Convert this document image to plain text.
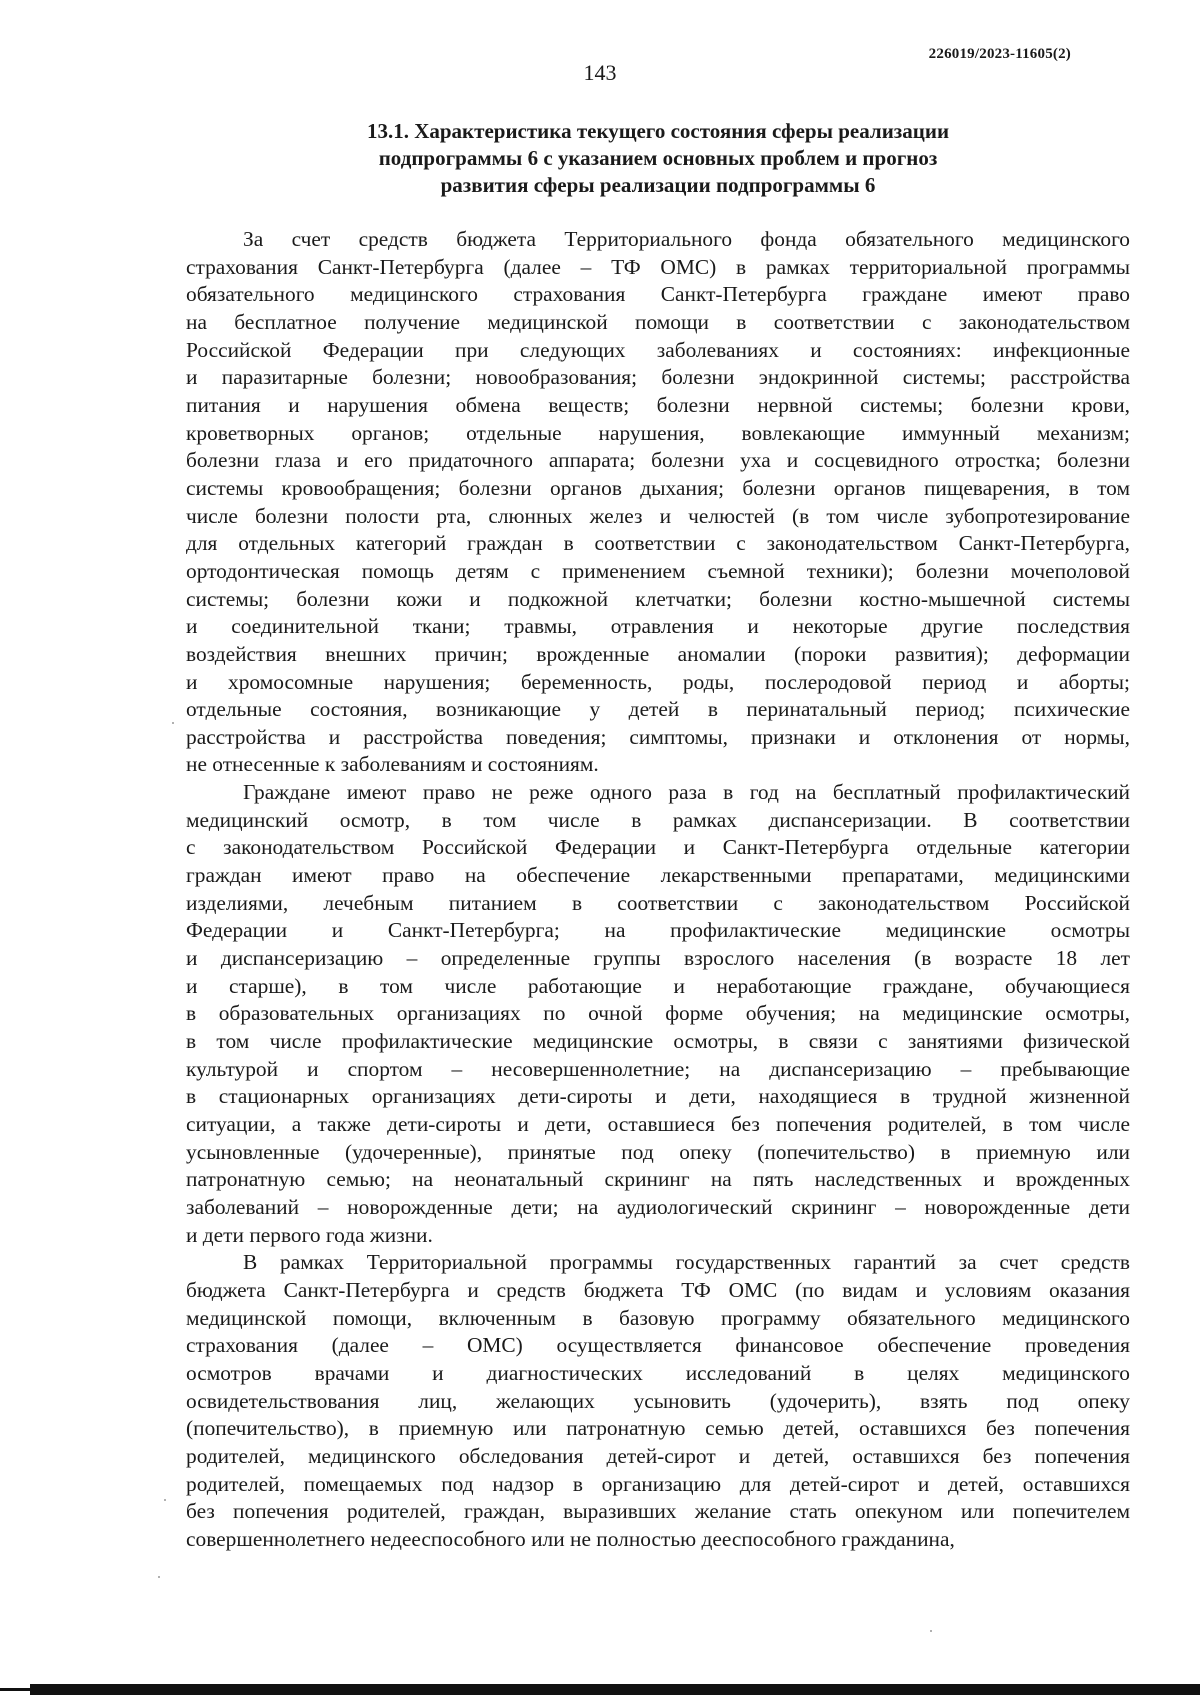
226019/2023-11605(2)
143
13.1. Характеристика текущего состояния сферы реализации
подпрограммы 6 с указанием основных проблем и прогноз
развития сферы реализации подпрограммы 6
За счет средств бюджета Территориального фонда обязательного медицинского
страхования Санкт-Петербурга (далее – ТФ ОМС) в рамках территориальной программы
обязательного медицинского страхования Санкт-Петербурга граждане имеют право
на бесплатное получение медицинской помощи в соответствии с законодательством
Российской Федерации при следующих заболеваниях и состояниях: инфекционные
и паразитарные болезни; новообразования; болезни эндокринной системы; расстройства
питания и нарушения обмена веществ; болезни нервной системы; болезни крови,
кроветворных органов; отдельные нарушения, вовлекающие иммунный механизм;
болезни глаза и его придаточного аппарата; болезни уха и сосцевидного отростка; болезни
системы кровообращения; болезни органов дыхания; болезни органов пищеварения, в том
числе болезни полости рта, слюнных желез и челюстей (в том числе зубопротезирование
для отдельных категорий граждан в соответствии с законодательством Санкт-Петербурга,
ортодонтическая помощь детям с применением съемной техники); болезни мочеполовой
системы; болезни кожи и подкожной клетчатки; болезни костно-мышечной системы
и соединительной ткани; травмы, отравления и некоторые другие последствия
воздействия внешних причин; врожденные аномалии (пороки развития); деформации
и хромосомные нарушения; беременность, роды, послеродовой период и аборты;
отдельные состояния, возникающие у детей в перинатальный период; психические
расстройства и расстройства поведения; симптомы, признаки и отклонения от нормы,
не отнесенные к заболеваниям и состояниям.
Граждане имеют право не реже одного раза в год на бесплатный профилактический
медицинский осмотр, в том числе в рамках диспансеризации. В соответствии
с законодательством Российской Федерации и Санкт-Петербурга отдельные категории
граждан имеют право на обеспечение лекарственными препаратами, медицинскими
изделиями, лечебным питанием в соответствии с законодательством Российской
Федерации и Санкт-Петербурга; на профилактические медицинские осмотры
и диспансеризацию – определенные группы взрослого населения (в возрасте 18 лет
и старше), в том числе работающие и неработающие граждане, обучающиеся
в образовательных организациях по очной форме обучения; на медицинские осмотры,
в том числе профилактические медицинские осмотры, в связи с занятиями физической
культурой и спортом – несовершеннолетние; на диспансеризацию – пребывающие
в стационарных организациях дети-сироты и дети, находящиеся в трудной жизненной
ситуации, а также дети-сироты и дети, оставшиеся без попечения родителей, в том числе
усыновленные (удочеренные), принятые под опеку (попечительство) в приемную или
патронатную семью; на неонатальный скрининг на пять наследственных и врожденных
заболеваний – новорожденные дети; на аудиологический скрининг – новорожденные дети
и дети первого года жизни.
В рамках Территориальной программы государственных гарантий за счет средств
бюджета Санкт-Петербурга и средств бюджета ТФ ОМС (по видам и условиям оказания
медицинской помощи, включенным в базовую программу обязательного медицинского
страхования (далее – ОМС) осуществляется финансовое обеспечение проведения
осмотров врачами и диагностических исследований в целях медицинского
освидетельствования лиц, желающих усыновить (удочерить), взять под опеку
(попечительство), в приемную или патронатную семью детей, оставшихся без попечения
родителей, медицинского обследования детей-сирот и детей, оставшихся без попечения
родителей, помещаемых под надзор в организацию для детей-сирот и детей, оставшихся
без попечения родителей, граждан, выразивших желание стать опекуном или попечителем
совершеннолетнего недееспособного или не полностью дееспособного гражданина,
